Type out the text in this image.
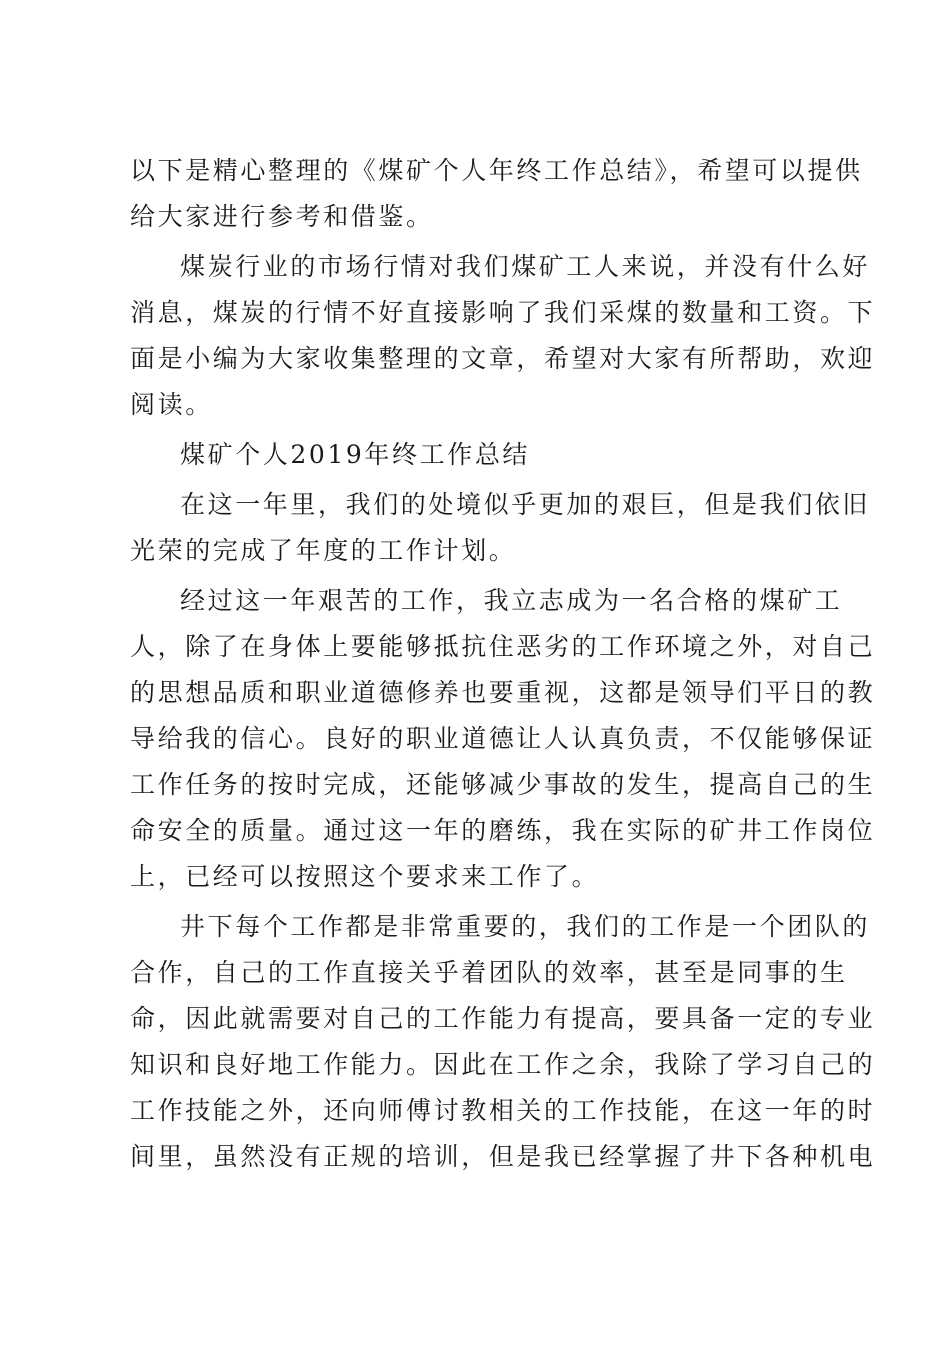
以下是精心整理的《煤矿个人年终工作总结》，希望可以提供
给大家进行参考和借鉴。

煤炭行业的市场行情对我们煤矿工人来说，并没有什么好
消息，煤炭的行情不好直接影响了我们采煤的数量和工资。下
面是小编为大家收集整理的文章，希望对大家有所帮助，欢迎
阅读。

煤矿个人2019年终工作总结

在这一年里，我们的处境似乎更加的艰巨，但是我们依旧
光荣的完成了年度的工作计划。

经过这一年艰苦的工作，我立志成为一名合格的煤矿工
人，除了在身体上要能够抵抗住恶劣的工作环境之外，对自己
的思想品质和职业道德修养也要重视，这都是领导们平日的教
导给我的信心。良好的职业道德让人认真负责，不仅能够保证
工作任务的按时完成，还能够减少事故的发生，提高自己的生
命安全的质量。通过这一年的磨练，我在实际的矿井工作岗位
上，已经可以按照这个要求来工作了。

井下每个工作都是非常重要的，我们的工作是一个团队的
合作，自己的工作直接关乎着团队的效率，甚至是同事的生
命，因此就需要对自己的工作能力有提高，要具备一定的专业
知识和良好地工作能力。因此在工作之余，我除了学习自己的
工作技能之外，还向师傅讨教相关的工作技能，在这一年的时
间里，虽然没有正规的培训，但是我已经掌握了井下各种机电
